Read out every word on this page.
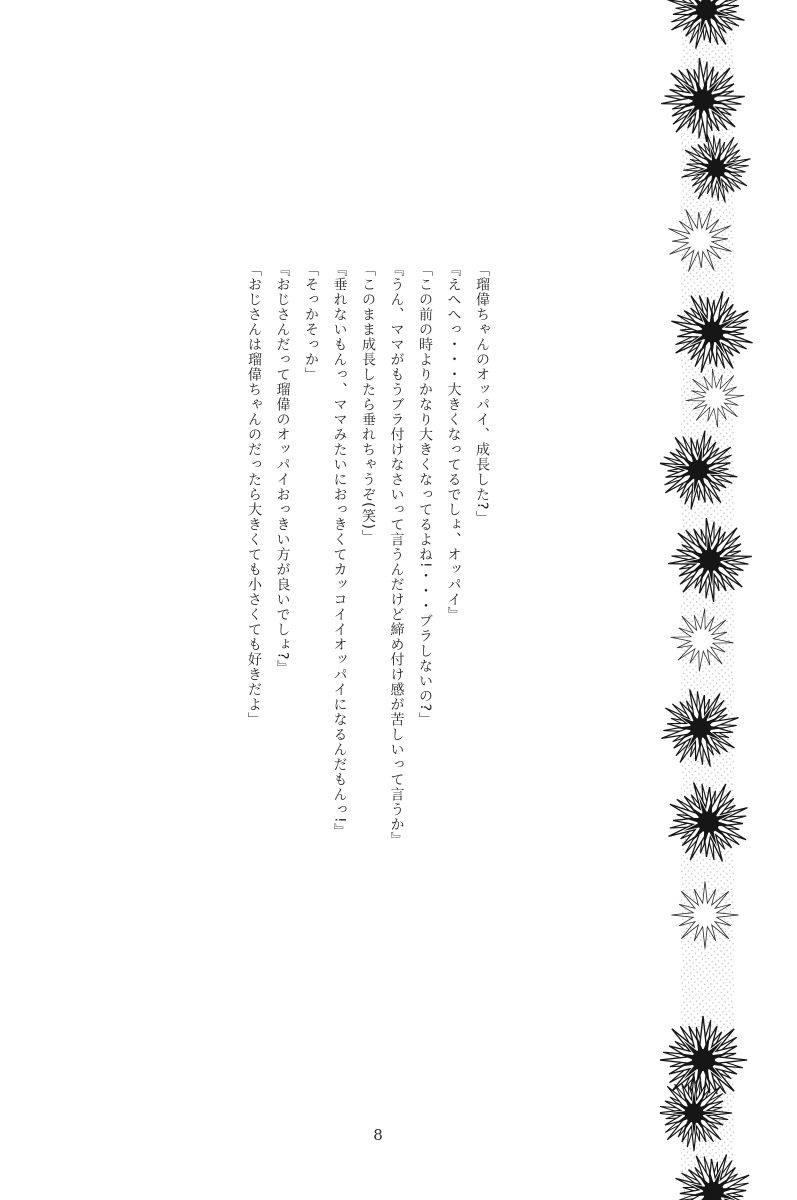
「瑠偉ちゃんのオッパイ、成長した?」

『えへへっ・・・大きくなってるでしょ、オッパイ』

「この前の時よりかなり大きくなってるよね!・・・ブラしないの?」

『うん、ママがもうブラ付けなさいって言うんだけど締め付け感が苦しいって言うか』

「このまま成長したら垂れちゃうぞ(笑)」

『垂れないもんっ、ママみたいにおっきくてカッコイイオッパイになるんだもんっ!』

「そっかそっか」

『おじさんだって瑠偉のオッパイおっきい方が良いでしょ?』

「おじさんは瑠偉ちゃんのだったら大きくても小さくても好きだよ」

8
